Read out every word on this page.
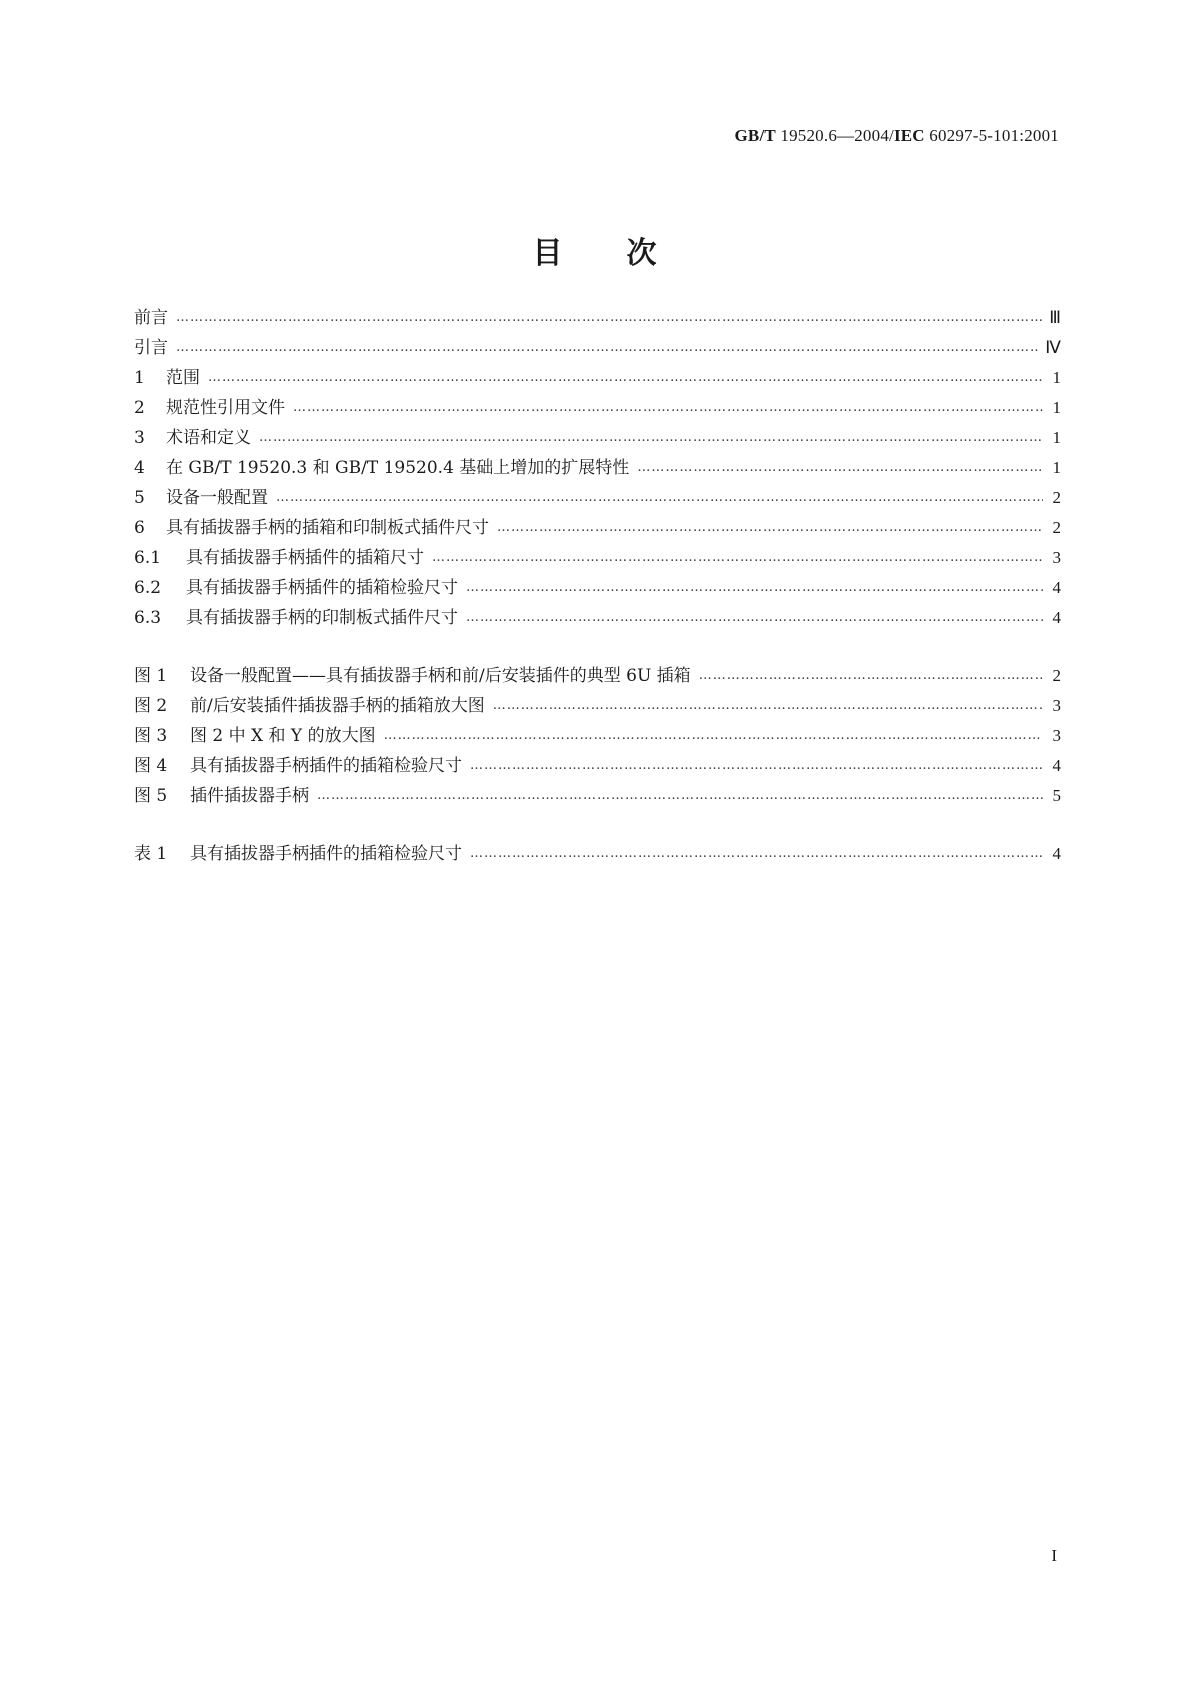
GB/T 19520.6—2004/IEC 60297-5-101:2001
目 次
前言 …………………………………………………………………………………………………………………………………………………………………………………………………………………………………………………………………………………	Ⅲ
引言 …………………………………………………………………………………………………………………………………………………………………………………………………………………………………………………………………………………	Ⅳ
1	范围 …………………………………………………………………………………………………………………………………………………………………………………………………………………………………………………………………………………	1
2	规范性引用文件 …………………………………………………………………………………………………………………………………………………………………………………………………………………………………………………………………………………	1
3	术语和定义 …………………………………………………………………………………………………………………………………………………………………………………………………………………………………………………………………………………	1
4	在 GB/T 19520.3 和 GB/T 19520.4 基础上增加的扩展特性 …………………………………………………………………………………………………………………………………………………………………………………………………………………………………………………………………………………	1
5	设备一般配置 …………………………………………………………………………………………………………………………………………………………………………………………………………………………………………………………………………………	2
6	具有插拔器手柄的插箱和印制板式插件尺寸 …………………………………………………………………………………………………………………………………………………………………………………………………………………………………………………………………………………	2
6.1	具有插拔器手柄插件的插箱尺寸 …………………………………………………………………………………………………………………………………………………………………………………………………………………………………………………………………………………	3
6.2	具有插拔器手柄插件的插箱检验尺寸 …………………………………………………………………………………………………………………………………………………………………………………………………………………………………………………………………………………	4
6.3	具有插拔器手柄的印制板式插件尺寸 …………………………………………………………………………………………………………………………………………………………………………………………………………………………………………………………………………………	4
图 1	设备一般配置——具有插拔器手柄和前/后安装插件的典型 6U 插箱 …………………………………………………………………………………………………………………………………………………………………………………………………………………………………………………………………………………	2
图 2	前/后安装插件插拔器手柄的插箱放大图 …………………………………………………………………………………………………………………………………………………………………………………………………………………………………………………………………………………	3
图 3	图 2 中 X 和 Y 的放大图 …………………………………………………………………………………………………………………………………………………………………………………………………………………………………………………………………………………	3
图 4	具有插拔器手柄插件的插箱检验尺寸 …………………………………………………………………………………………………………………………………………………………………………………………………………………………………………………………………………………	4
图 5	插件插拔器手柄 …………………………………………………………………………………………………………………………………………………………………………………………………………………………………………………………………………………	5
表 1	具有插拔器手柄插件的插箱检验尺寸 …………………………………………………………………………………………………………………………………………………………………………………………………………………………………………………………………………………	4
I
